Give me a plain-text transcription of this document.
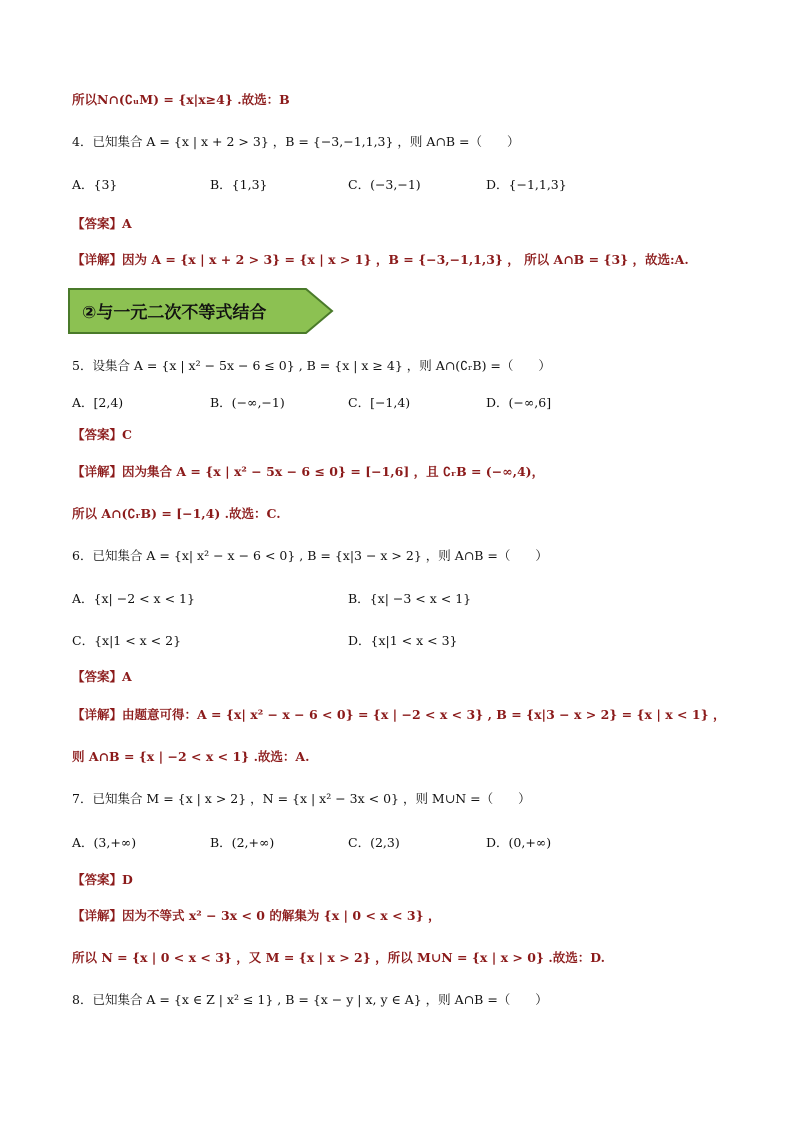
所以N∩(∁ᵤM) = {x|x≥4} .故选：B
4．已知集合 A = {x | x + 2 > 3} ，B = {−3,−1,1,3} ，则 A∩B =（　　）
A．{3}	B．{1,3}	C．(−3,−1)	D．{−1,1,3}
【答案】A
【详解】因为 A = {x | x + 2 > 3} = {x | x > 1} ，B = {−3,−1,1,3} ， 所以 A∩B = {3} ，故选:A.
②与一元二次不等式结合
5．设集合 A = {x | x² − 5x − 6 ≤ 0} , B = {x | x ≥ 4} ，则 A∩(∁ᵣB) =（　　）
A．[2,4)	B．(−∞,−1)	C．[−1,4)	D．(−∞,6]
【答案】C
【详解】因为集合 A = {x | x² − 5x − 6 ≤ 0} = [−1,6] ，且 ∁ᵣB = (−∞,4)，
所以 A∩(∁ᵣB) = [−1,4) .故选：C.
6．已知集合 A = {x| x² − x − 6 < 0} , B = {x|3 − x > 2} ，则 A∩B =（　　）
A．{x| −2 < x < 1}	B．{x| −3 < x < 1}
C．{x|1 < x < 2}	D．{x|1 < x < 3}
【答案】A
【详解】由题意可得：A = {x| x² − x − 6 < 0} = {x | −2 < x < 3} , B = {x|3 − x > 2} = {x | x < 1} ，
则 A∩B = {x | −2 < x < 1} .故选：A.
7．已知集合 M = {x | x > 2} ，N = {x | x² − 3x < 0} ，则 M∪N =（　　）
A．(3,+∞)	B．(2,+∞)	C．(2,3)	D．(0,+∞)
【答案】D
【详解】因为不等式 x² − 3x < 0 的解集为 {x | 0 < x < 3} ，
所以 N = {x | 0 < x < 3} ，又 M = {x | x > 2} ，所以 M∪N = {x | x > 0} .故选：D.
8．已知集合 A = {x ∈ Z | x² ≤ 1} , B = {x − y | x, y ∈ A} ，则 A∩B =（　　）
